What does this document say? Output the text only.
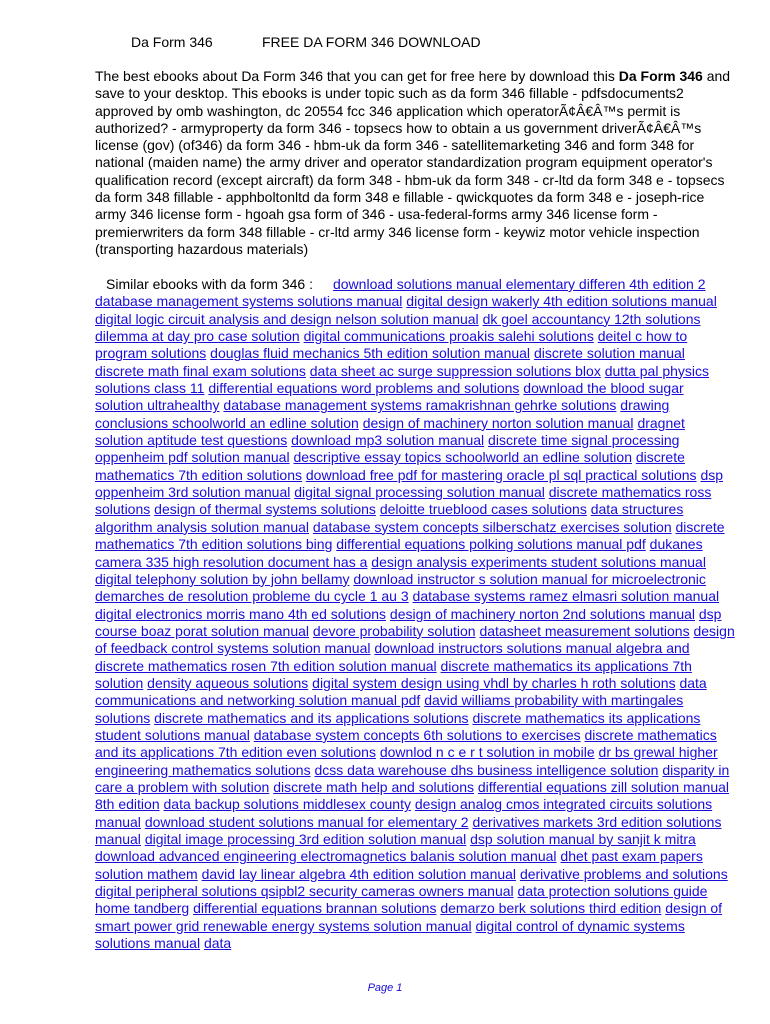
Da Form 346	FREE DA FORM 346 DOWNLOAD
The best ebooks about Da Form 346 that you can get for free here by download this Da Form 346 and save to your desktop. This ebooks is under topic such as da form 346 fillable - pdfsdocuments2 approved by omb washington, dc 20554 fcc 346 application which operatorÃ¢Â€Â™s permit is authorized? - armyproperty da form 346 - topsecs how to obtain a us government driverÃ¢Â€Â™s license (gov) (of346) da form 346 - hbm-uk da form 346 - satellitemarketing 346 and form 348 for national (maiden name) the army driver and operator standardization program equipment operator's qualification record (except aircraft) da form 348 - hbm-uk da form 348 - cr-ltd da form 348 e - topsecs da form 348 fillable - apphboltonltd da form 348 e fillable - qwickquotes da form 348 e - joseph-rice army 346 license form - hgoah gsa form of 346 - usa-federal-forms army 346 license form - premierwriters da form 348 fillable - cr-ltd army 346 license form - keywiz motor vehicle inspection (transporting hazardous materials)
Similar ebooks with da form 346 : download solutions manual elementary differen 4th edition 2 database management systems solutions manual digital design wakerly 4th edition solutions manual digital logic circuit analysis and design nelson solution manual dk goel accountancy 12th solutions dilemma at day pro case solution digital communications proakis salehi solutions deitel c how to program solutions douglas fluid mechanics 5th edition solution manual discrete solution manual discrete math final exam solutions data sheet ac surge suppression solutions blox dutta pal physics solutions class 11 differential equations word problems and solutions download the blood sugar solution ultrahealthy database management systems ramakrishnan gehrke solutions drawing conclusions schoolworld an edline solution design of machinery norton solution manual dragnet solution aptitude test questions download mp3 solution manual discrete time signal processing oppenheim pdf solution manual descriptive essay topics schoolworld an edline solution discrete mathematics 7th edition solutions download free pdf for mastering oracle pl sql practical solutions dsp oppenheim 3rd solution manual digital signal processing solution manual discrete mathematics ross solutions design of thermal systems solutions deloitte trueblood cases solutions data structures algorithm analysis solution manual database system concepts silberschatz exercises solution discrete mathematics 7th edition solutions bing differential equations polking solutions manual pdf dukanes camera 335 high resolution document has a design analysis experiments student solutions manual digital telephony solution by john bellamy download instructor s solution manual for microelectronic demarches de resolution probleme du cycle 1 au 3 database systems ramez elmasri solution manual digital electronics morris mano 4th ed solutions design of machinery norton 2nd solutions manual dsp course boaz porat solution manual devore probability solution datasheet measurement solutions design of feedback control systems solution manual download instructors solutions manual algebra and discrete mathematics rosen 7th edition solution manual discrete mathematics its applications 7th solution density aqueous solutions digital system design using vhdl by charles h roth solutions data communications and networking solution manual pdf david williams probability with martingales solutions discrete mathematics and its applications solutions discrete mathematics its applications student solutions manual database system concepts 6th solutions to exercises discrete mathematics and its applications 7th edition even solutions downlod n c e r t solution in mobile dr bs grewal higher engineering mathematics solutions dcss data warehouse dhs business intelligence solution disparity in care a problem with solution discrete math help and solutions differential equations zill solution manual 8th edition data backup solutions middlesex county design analog cmos integrated circuits solutions manual download student solutions manual for elementary 2 derivatives markets 3rd edition solutions manual digital image processing 3rd edition solution manual dsp solution manual by sanjit k mitra download advanced engineering electromagnetics balanis solution manual dhet past exam papers solution mathem david lay linear algebra 4th edition solution manual derivative problems and solutions digital peripheral solutions qsipbl2 security cameras owners manual data protection solutions guide home tandberg differential equations brannan solutions demarzo berk solutions third edition design of smart power grid renewable energy systems solution manual digital control of dynamic systems solutions manual data
Page 1
